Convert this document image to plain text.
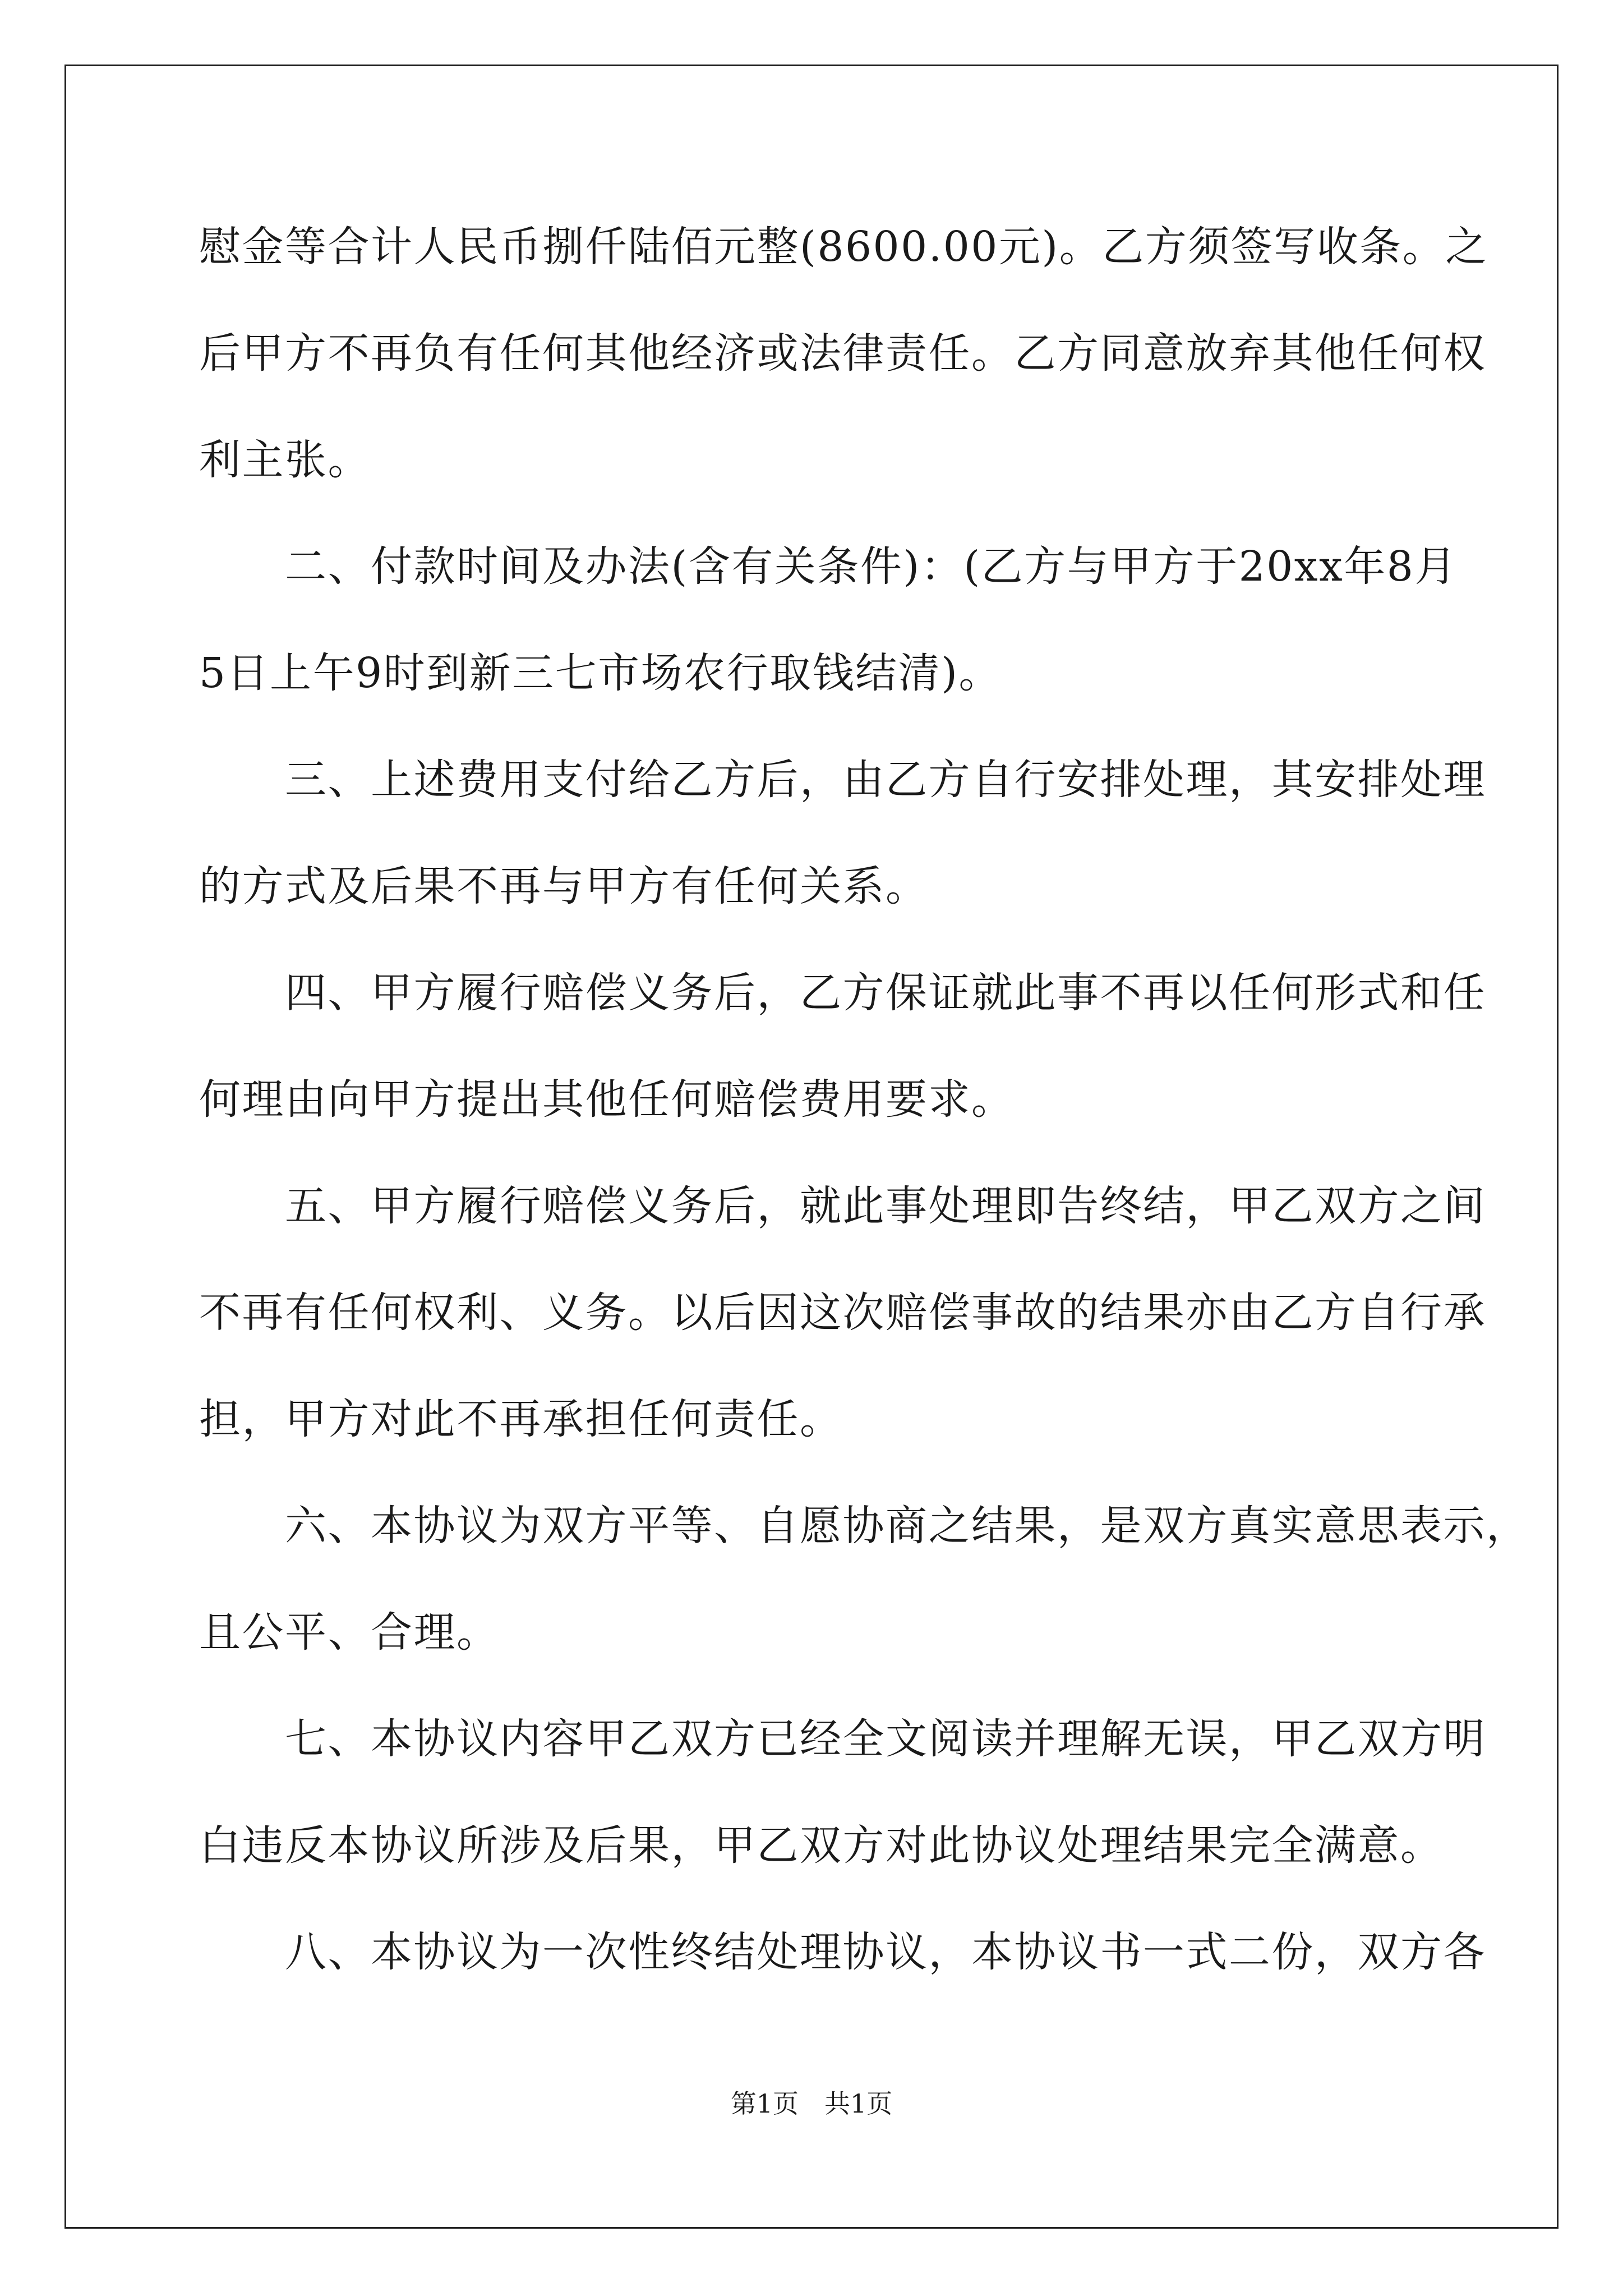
慰金等合计人民币捌仟陆佰元整(8600.00元)。乙方须签写收条。之
后甲方不再负有任何其他经济或法律责任。乙方同意放弃其他任何权
利主张。
　　二、付款时间及办法(含有关条件)：(乙方与甲方于20xx年8月
5日上午9时到新三七市场农行取钱结清)。
　　三、上述费用支付给乙方后，由乙方自行安排处理，其安排处理
的方式及后果不再与甲方有任何关系。
　　四、甲方履行赔偿义务后，乙方保证就此事不再以任何形式和任
何理由向甲方提出其他任何赔偿费用要求。
　　五、甲方履行赔偿义务后，就此事处理即告终结，甲乙双方之间
不再有任何权利、义务。以后因这次赔偿事故的结果亦由乙方自行承
担，甲方对此不再承担任何责任。
　　六、本协议为双方平等、自愿协商之结果，是双方真实意思表示，
且公平、合理。
　　七、本协议内容甲乙双方已经全文阅读并理解无误，甲乙双方明
白违反本协议所涉及后果，甲乙双方对此协议处理结果完全满意。
　　八、本协议为一次性终结处理协议，本协议书一式二份，双方各
第1页　共1页
